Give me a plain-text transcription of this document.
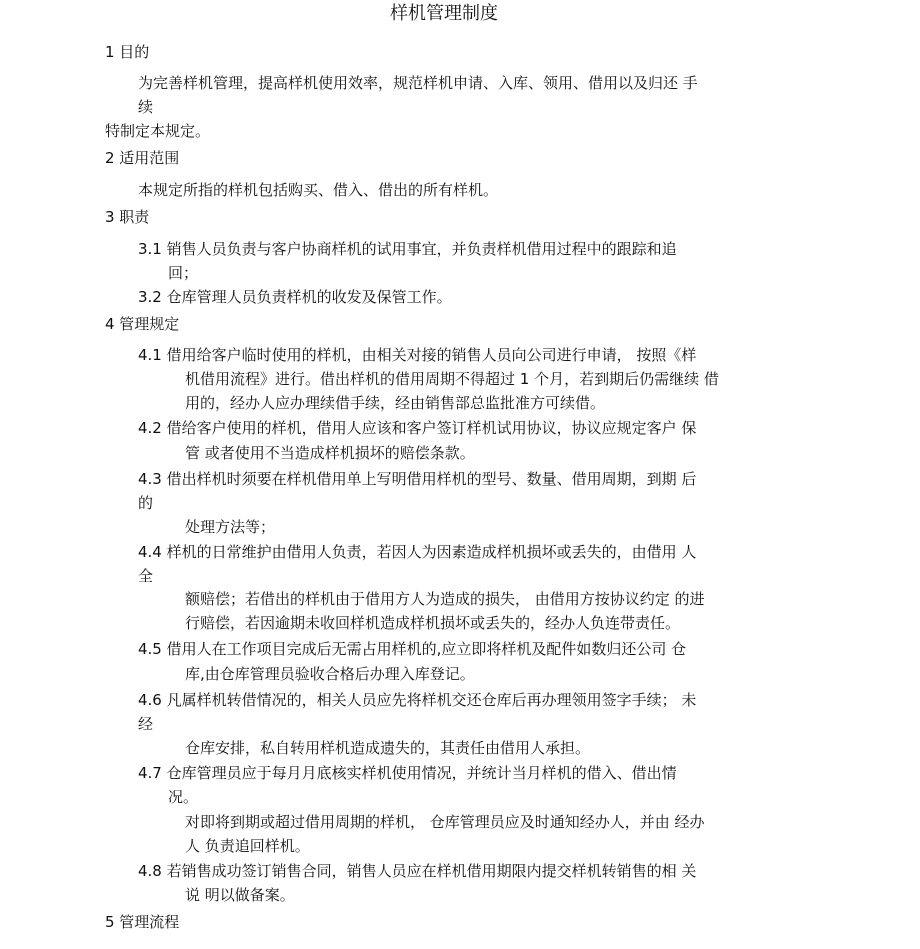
样机管理制度
1 目的
为完善样机管理，提高样机使用效率，规范样机申请、入库、领用、借用以及归还 手
续
特制定本规定。
2 适用范围
本规定所指的样机包括购买、借入、借出的所有样机。
3 职责
3.1 销售人员负责与客户协商样机的试用事宜，并负责样机借用过程中的跟踪和追
回；
3.2 仓库管理人员负责样机的收发及保管工作。
4 管理规定
4.1 借用给客户临时使用的样机，由相关对接的销售人员向公司进行申请， 按照《样
机借用流程》进行。借出样机的借用周期不得超过 1 个月，若到期后仍需继续 借
用的，经办人应办理续借手续，经由销售部总监批准方可续借。
4.2 借给客户使用的样机，借用人应该和客户签订样机试用协议，协议应规定客户 保
管 或者使用不当造成样机损坏的赔偿条款。
4.3 借出样机时须要在样机借用单上写明借用样机的型号、数量、借用周期，到期 后
的
处理方法等；
4.4 样机的日常维护由借用人负责，若因人为因素造成样机损坏或丢失的，由借用 人
全
额赔偿；若借出的样机由于借用方人为造成的损失， 由借用方按协议约定 的进
行赔偿，若因逾期未收回样机造成样机损坏或丢失的，经办人负连带责任。
4.5 借用人在工作项目完成后无需占用样机的,应立即将样机及配件如数归还公司 仓
库,由仓库管理员验收合格后办理入库登记。
4.6 凡属样机转借情况的，相关人员应先将样机交还仓库后再办理领用签字手续； 未
经
仓库安排，私自转用样机造成遗失的，其责任由借用人承担。
4.7 仓库管理员应于每月月底核实样机使用情况，并统计当月样机的借入、借出情
况。
对即将到期或超过借用周期的样机， 仓库管理员应及时通知经办人，并由 经办
人 负责追回样机。
4.8 若销售成功签订销售合同，销售人员应在样机借用期限内提交样机转销售的相 关
说 明以做备案。
5 管理流程
